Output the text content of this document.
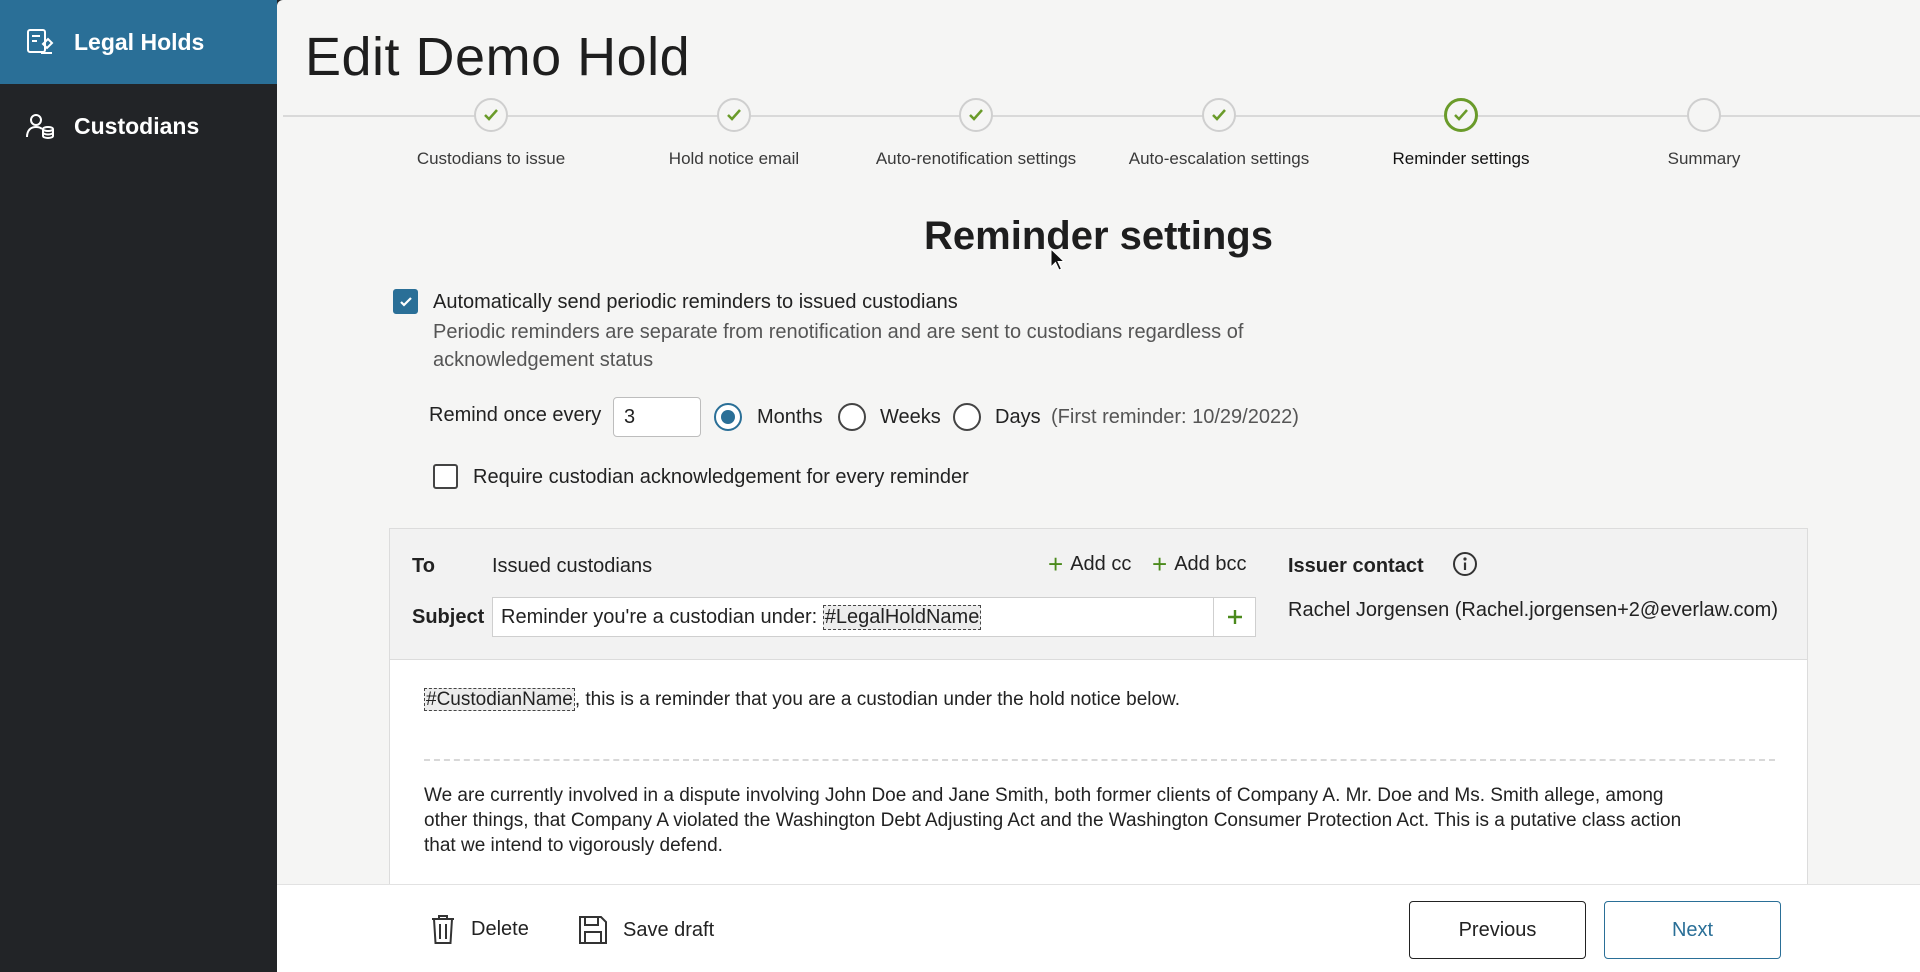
Legal Holds
Custodians
Edit Demo Hold
Custodians to issue	Hold notice email	Auto-renotification settings	Auto-escalation settings	Reminder settings	Summary
Reminder settings
Automatically send periodic reminders to issued custodians
Periodic reminders are separate from renotification and are sent to custodians regardless of
acknowledgement status
Remind once every
3	Months	Weeks	Days (First reminder: 10/29/2022)
Require custodian acknowledgement for every reminder
To	Issued custodians	+ Add cc + Add bcc
Subject Reminder you're a custodian under: #LegalHoldName
Issuer contact
Rachel Jorgensen (Rachel.jorgensen+2@everlaw.com)
#CustodianName , this is a reminder that you are a custodian under the hold notice below.
We are currently involved in a dispute involving John Doe and Jane Smith, both former clients of Company A. Mr. Doe and Ms. Smith allege, among
other things, that Company A violated the Washington Debt Adjusting Act and the Washington Consumer Protection Act. This is a putative class action
that we intend to vigorously defend.
Delete	Save draft	Previous	Next
